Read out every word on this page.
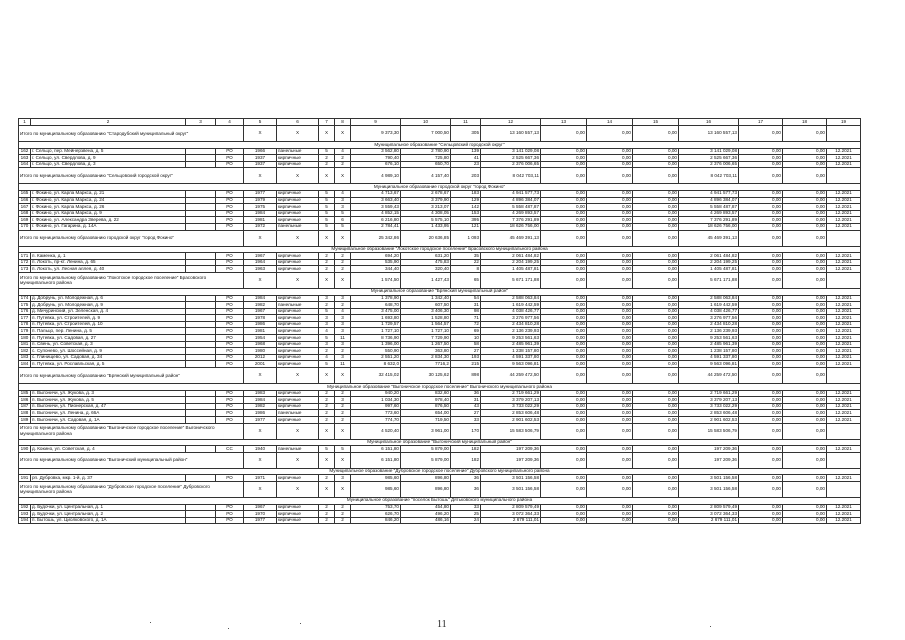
1	2	3	4	5	6	7	8	9	10	11	12	13	14	15	16	17	18	19
Итого по муниципальному образованию "Стародубский муниципальный округ"				X	X	X	X	9 373,30	7 000,50	305	13 160 557,13	0,00	0,00	0,00	13 160 557,13	0,00	0,00	
Муниципальное образование "Сельцовский городской округ"																		
162	г. Сельцо, пер. Мейнерзвена, д. 5		РО	1966	панельные	5	4	3 562,80	2 780,90	139	3 141 029,08	0,00	0,00	0,00	3 141 029,08	0,00	0,00	12.2021
163	г. Сельцо, ул. Свердлова, д. 9		РО	1937	кирпичные	2	2	790,40	725,80	41	2 525 667,36	0,00	0,00	0,00	2 525 667,36	0,00	0,00	12.2021
164	г. Сельцо, ул. Свердлова, д. 3		РО	1937	кирпичные	2	2	676,10	650,70	23	2 376 006,65	0,00	0,00	0,00	2 376 006,65	0,00	0,00	12.2021
Итого по муниципальному образованию "Сельцовский городской округ"				X	X	X	X	4 989,10	4 157,40	203	8 042 703,11	0,00	0,00	0,00	8 042 703,11	0,00	0,00	
Муниципальное образование городской округ "город Фокино"																		
165	г. Фокино, ул. Карла Маркса, д. 21		РО	1977	кирпичные	5	4	4 713,67	2 678,67	183	4 941 577,73	0,00	0,00	0,00	4 941 577,73	0,00	0,00	12.2021
166	г. Фокино, ул. Карла Маркса, д. 24		РО	1979	кирпичные	5	3	3 663,40	3 379,90	129	4 896 384,07	0,00	0,00	0,00	4 896 384,07	0,00	0,00	12.2021
167	г. Фокино, ул. Карла Маркса, д. 26		РО	1975	кирпичные	5	3	3 559,43	3 213,07	142	5 558 487,87	0,00	0,00	0,00	5 558 487,87	0,00	0,00	12.2021
168	г. Фокино, ул. Карла Маркса, д. 9		РО	1984	кирпичные	5	5	4 852,15	4 308,05	153	4 269 893,57	0,00	0,00	0,00	4 269 893,57	0,00	0,00	12.2021
169	г. Фокино, ул. Александра Зверева, д. 22		РО	1981	кирпичные	5	6	6 216,80	5 575,10	395	7 376 291,89	0,00	0,00	0,00	7 376 291,89	0,00	0,00	12.2021
170	г. Фокино, ул. Гагарина, д. 14А		РО	1972	панельные	5	5	2 784,41	1 433,95	121	18 626 756,00	0,00	0,00	0,00	18 626 756,00	0,00	0,00	12.2021
Итого по муниципальному образованию городской округ "город Фокино"				X	X	X	X	25 342,86	20 636,85	1 093	45 469 391,13	0,00	0,00	0,00	45 469 391,13	0,00	0,00	
Муниципальное образование "Локотское городское поселение" Брасовского муниципального района																		
171	п. Каменка, д. 1		РО	1967	кирпичные	2	2	694,20	631,20	35	2 061 484,82	0,00	0,00	0,00	2 061 484,82	0,00	0,00	12.2021
172	п. Локоть, пр-кт. Ленина, д. 65		РО	1964	кирпичные	2	2	535,90	475,83	22	2 204 199,25	0,00	0,00	0,00	2 204 199,25	0,00	0,00	12.2021
173	п. Локоть, ул. Лесная аллея, д. 40		РО	1963	кирпичные	2	2	344,40	320,40	8	1 405 487,81	0,00	0,00	0,00	1 405 487,81	0,00	0,00	12.2021
Итого по муниципальному образованию "Локотское городское поселение" Брасовского муниципального района				X	X	X	X	1 574,50	1 427,43	65	5 671 171,88	0,00	0,00	0,00	5 671 171,88	0,00	0,00	
Муниципальное образование "Брянский муниципальный район"																		
174	д. Добрунь, ул. Молодежная, д. 6		РО	1984	кирпичные	3	3	1 378,90	1 342,40	54	2 588 063,84	0,00	0,00	0,00	2 588 063,84	0,00	0,00	12.2021
175	д. Добрунь, ул. Молодежная, д. 9		РО	1982	панельные	2	2	648,70	607,50	31	1 619 442,59	0,00	0,00	0,00	1 619 442,59	0,00	0,00	12.2021
176	д. Мичуринский, ул. Зеленская, д. 4		РО	1967	кирпичные	5	4	3 475,00	3 406,30	98	4 038 426,77	0,00	0,00	0,00	4 038 426,77	0,00	0,00	12.2021
177	п. Путевка, ул. Строителей, д. 9		РО	1978	кирпичные	3	3	1 693,80	1 528,80	71	3 276 977,56	0,00	0,00	0,00	3 276 977,56	0,00	0,00	12.2021
178	п. Путевка, ул. Строителей, д. 10		РО	1986	кирпичные	3	3	1 729,57	1 564,57	72	2 434 810,28	0,00	0,00	0,00	2 434 810,28	0,00	0,00	12.2021
179	п. Пальцо, пер. Ленина, д. 5		РО	1981	кирпичные	4	3	1 727,10	1 727,10	69	2 136 239,93	0,00	0,00	0,00	2 136 239,93	0,00	0,00	12.2021
180	п. Путевка, ул. Садовая, д. 27		РО	1954	кирпичные	5	11	8 736,90	7 729,90	10	9 253 561,63	0,00	0,00	0,00	9 253 561,63	0,00	0,00	12.2021
181	п. Свень, ул. Советская, д. 3		РО	1968	кирпичные	3	3	1 396,00	1 267,50	58	2 485 961,39	0,00	0,00	0,00	2 485 961,39	0,00	0,00	12.2021
182	с. Супонево, ул. Шоссейная, д. 9		РО	1980	кирпичные	2	2	550,90	363,80	27	1 238 157,80	0,00	0,00	0,00	1 238 157,80	0,00	0,00	12.2021
183	с. Глинищево, ул. Садовая, д. 34		РО	2012	кирпичные	4	3	2 551,20	2 834,30	193	4 591 337,80	0,00	0,00	0,00	4 591 337,80	0,00	0,00	12.2021
184	п. Путевка, ул. Рославльская, д. 5		РО	2001	кирпичные	5	11	8 632,0	7716,2	215	9 563 096,81	0,00	0,00	0,00	9 563 096,81	0,00	0,00	12.2021
Итого по муниципальному образованию "Брянский муниципальный район"				X	X	X	X	32 415,02	30 125,62	898	44 259 472,50	0,00	0,00	0,00	44 259 472,50	0,00	0,00	
Муниципальное образование "Выгоничское городское поселение" Выгоничского муниципального района																		
185	п. Выгоничи, ул. Жукова, д. 3		РО	1983	кирпичные	2	2	940,20	832,60	36	2 719 661,29	0,00	0,00	0,00	2 719 661,29	0,00	0,00	12.2021
186	п. Выгоничи, ул. Жукова, д. 5		РО	1984	кирпичные	2	3	1 034,30	978,40	31	3 379 207,13	0,00	0,00	0,00	3 379 207,13	0,00	0,00	12.2021
187	п. Выгоничи, ул. Пионерская, д. 47		РО	1982	кирпичные	2	2	997,60	876,50	43	3 733 022,29	0,00	0,00	0,00	3 733 022,29	0,00	0,00	12.2021
188	п. Выгоничи, ул. Ленина, д. 66А		РО	1986	панельные	2	2	773,60	654,00	27	2 853 606,48	0,00	0,00	0,00	2 853 606,48	0,00	0,00	12.2021
189	п. Выгоничи, ул. Садовая, д. 1А		РО	1977	кирпичные	2	2	774,70	719,50	33	2 901 602,53	0,00	0,00	0,00	2 901 602,53	0,00	0,00	12.2021
Итого по муниципальному образованию "Выгоничское городское поселение" Выгоничского муниципального района				X	X	X	X	4 520,40	3 961,00	170	15 583 506,79	0,00	0,00	0,00	15 583 506,79	0,00	0,00	
Муниципальное образование "Выгоничский муниципальный район"																		
190	д. Кокино, ул. Советская, д. 4		СС	1940	панельные	5	5	6 151,80	5 879,00	182	197 209,36	0,00	0,00	0,00	197 209,36	0,00	0,00	12.2021
Итого по муниципальному образованию "Выгоничский муниципальный район"				X	X	X	X	6 151,80	5 879,00	182	197 209,36	0,00	0,00	0,00	197 209,36	0,00	0,00	
Муниципальное образование "Дубровское городское поселение" Дубровского муниципального района																		
191	рп. Дубровка, мкр. 1-й, д. 37		РО	1971	кирпичные	2	3	985,60	896,80	36	3 501 156,58	0,00	0,00	0,00	3 501 156,58	0,00	0,00	12.2021
Итого по муниципальному образованию "Дубровское городское поселение" Дубровского муниципального района				X	X	X	X	985,60	896,80	36	3 501 156,58	0,00	0,00	0,00	3 501 156,58	0,00	0,00	
Муниципальное образование "поселок Бытошь" Дятьковского муниципального района																		
192	д. Будочки, ул. Центральная, д. 1		РО	1967	кирпичные	2	2	753,70	454,80	33	2 809 579,49	0,00	0,00	0,00	2 809 579,49	0,00	0,00	12.2021
193	д. Будочки, ул. Центральная, д. 2		РО	1970	кирпичные	2	2	626,70	496,20	25	3 072 364,33	0,00	0,00	0,00	3 072 364,33	0,00	0,00	12.2021
194	п. Бытошь, ул. Циолковского, д. 1А		РО	1977	кирпичные	2	2	846,20	486,16	24	2 679 111,01	0,00	0,00	0,00	2 679 111,01	0,00	0,00	12.2021
11
